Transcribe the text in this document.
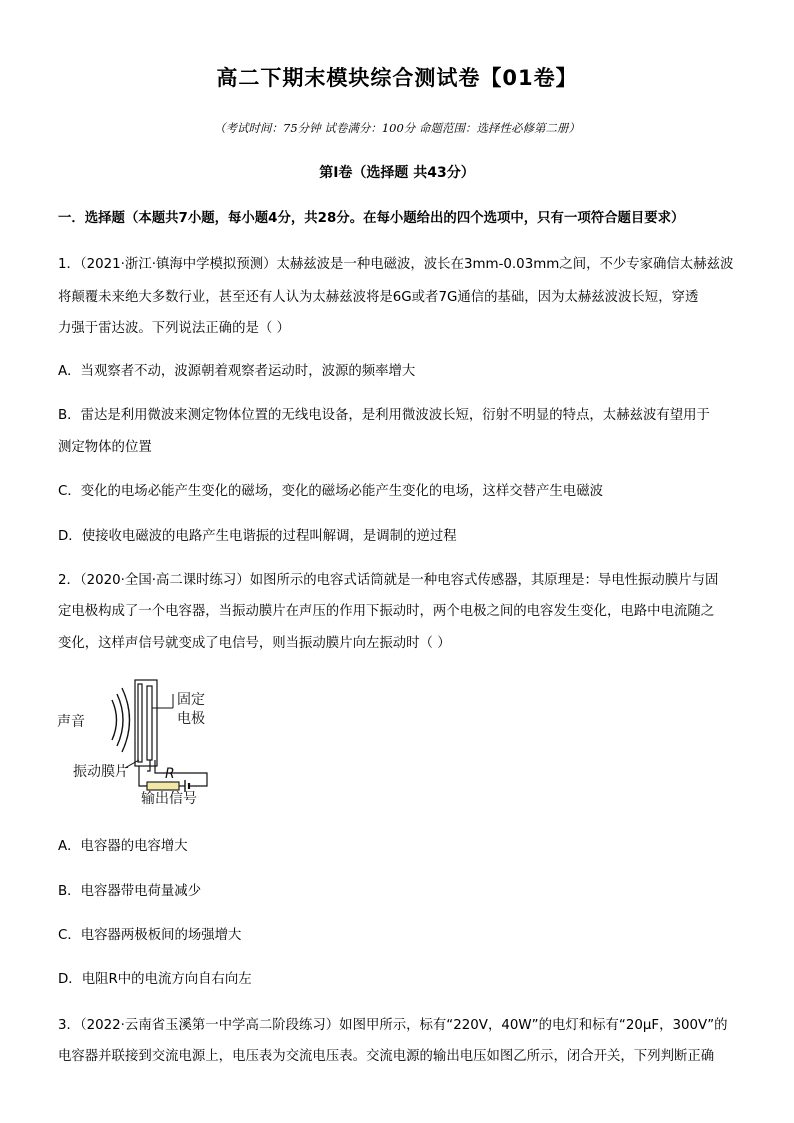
高二下期末模块综合测试卷【01卷】
（考试时间：75分钟 试卷满分：100分 命题范围：选择性必修第二册）
第Ⅰ卷（选择题 共43分）
一．选择题（本题共7小题，每小题4分，共28分。在每小题给出的四个选项中，只有一项符合题目要求）
1．（2021·浙江·镇海中学模拟预测）太赫兹波是一种电磁波，波长在3mm-0.03mm之间，不少专家确信太赫兹波
将颠覆未来绝大多数行业，甚至还有人认为太赫兹波将是6G或者7G通信的基础，因为太赫兹波波长短，穿透
力强于雷达波。下列说法正确的是（ ）
A．当观察者不动，波源朝着观察者运动时，波源的频率增大
B．雷达是利用微波来测定物体位置的无线电设备，是利用微波波长短，衍射不明显的特点，太赫兹波有望用于
测定物体的位置
C．变化的电场必能产生变化的磁场，变化的磁场必能产生变化的电场，这样交替产生电磁波
D．使接收电磁波的电路产生电谐振的过程叫解调，是调制的逆过程
2．（2020·全国·高二课时练习）如图所示的电容式话筒就是一种电容式传感器，其原理是：导电性振动膜片与固
定电极构成了一个电容器，当振动膜片在声压的作用下振动时，两个电极之间的电容发生变化，电路中电流随之
变化，这样声信号就变成了电信号，则当振动膜片向左振动时（ ）
声音
固定
电极
R
振动膜片
输出信号
A．电容器的电容增大
B．电容器带电荷量减少
C．电容器两极板间的场强增大
D．电阻R中的电流方向自右向左
3．（2022·云南省玉溪第一中学高二阶段练习）如图甲所示，标有“220V，40W”的电灯和标有“20μF，300V”的
电容器并联接到交流电源上，电压表为交流电压表。交流电源的输出电压如图乙所示，闭合开关，下列判断正确
